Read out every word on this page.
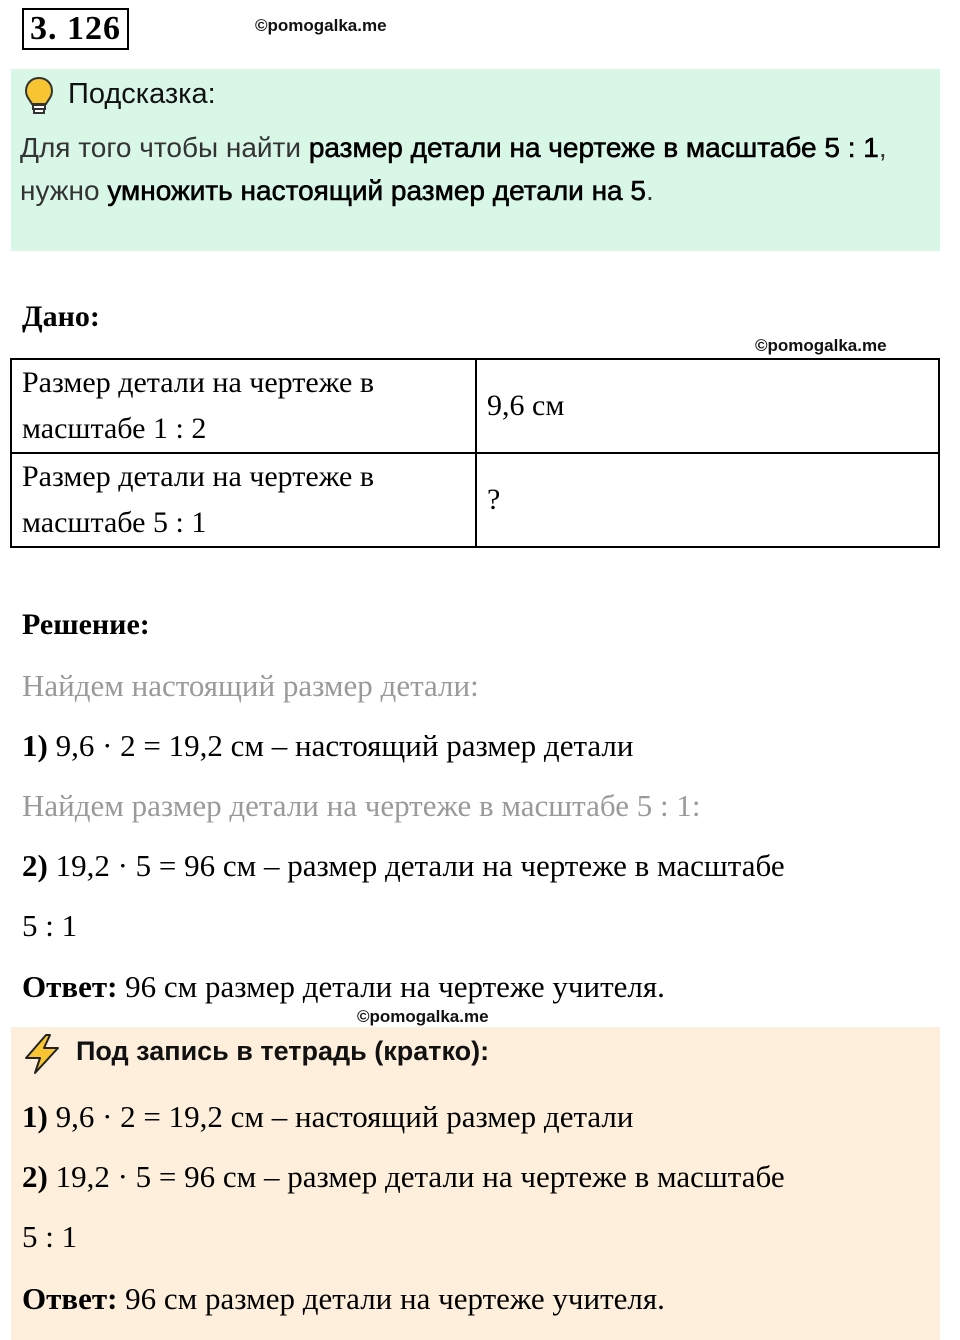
3. 126	©pomogalka.me
Подсказка:
Для того чтобы найти размер детали на чертеже в масштабе 5 : 1, нужно умножить настоящий размер детали на 5.
Дано:
©pomogalka.me
Размер детали на чертеже в масштабе 1 : 2	9,6 см
Размер детали на чертеже в масштабе 5 : 1	?
Решение:
Найдем настоящий размер детали:
1) 9,6 · 2 = 19,2 см – настоящий размер детали
Найдем размер детали на чертеже в масштабе 5 : 1:
2) 19,2 · 5 = 96 см – размер детали на чертеже в масштабе
5 : 1
Ответ: 96 см размер детали на чертеже учителя.
©pomogalka.me
Под запись в тетрадь (кратко):
1) 9,6 · 2 = 19,2 см – настоящий размер детали
2) 19,2 · 5 = 96 см – размер детали на чертеже в масштабе
5 : 1
Ответ: 96 см размер детали на чертеже учителя.
